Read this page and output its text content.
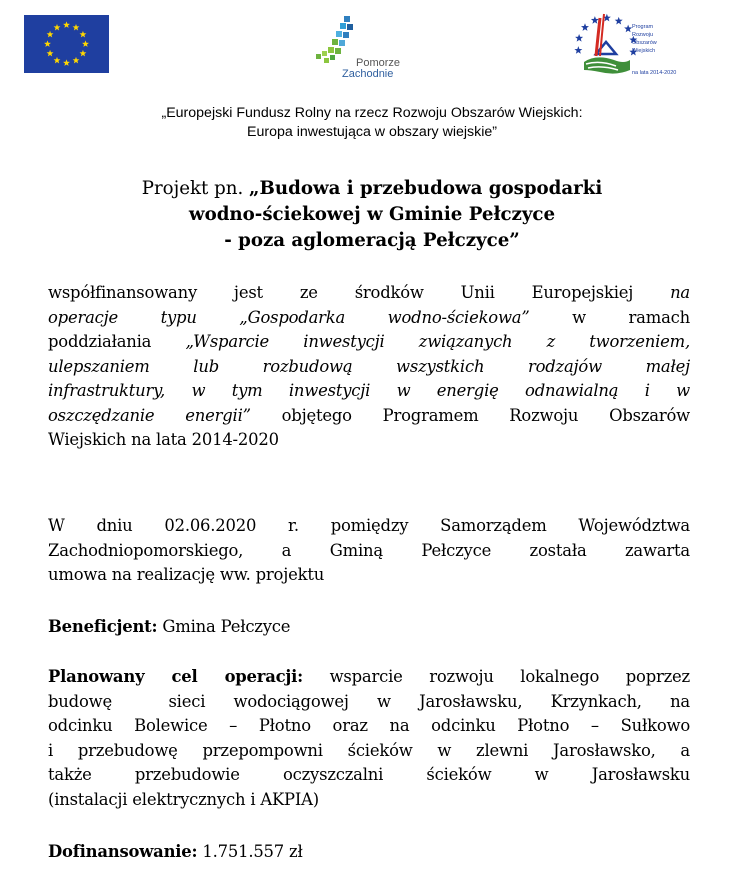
Pomorze
Zachodnie
Program
Rozwoju
Obszarów
Wiejskich
na lata 2014-2020
„Europejski Fundusz Rolny na rzecz Rozwoju Obszarów Wiejskich:
Europa inwestująca w obszary wiejskie”
Projekt pn. „Budowa i przebudowa gospodarki
wodno-ściekowej w Gminie Pełczyce
- poza aglomeracją Pełczyce”
współfinansowany jest ze środków Unii Europejskiej na
operacje typu „Gospodarka wodno-ściekowa” w ramach
poddziałania „Wsparcie inwestycji związanych z tworzeniem,
ulepszaniem lub rozbudową wszystkich rodzajów małej
infrastruktury, w tym inwestycji w energię odnawialną i w
oszczędzanie energii” objętego Programem Rozwoju Obszarów
Wiejskich na lata 2014-2020
W dniu 02.06.2020 r. pomiędzy Samorządem Województwa
Zachodniopomorskiego, a Gminą Pełczyce została zawarta
umowa na realizację ww. projektu
Beneficjent: Gmina Pełczyce
Planowany cel operacji: wsparcie rozwoju lokalnego poprzez
budowę  sieci wodociągowej w Jarosławsku, Krzynkach, na
odcinku Bolewice – Płotno oraz na odcinku Płotno – Sułkowo
i przebudowę przepompowni ścieków w zlewni Jarosławsko, a
także przebudowie oczyszczalni ścieków w Jarosławsku
(instalacji elektrycznych i AKPIA)
Dofinansowanie: 1.751.557 zł
